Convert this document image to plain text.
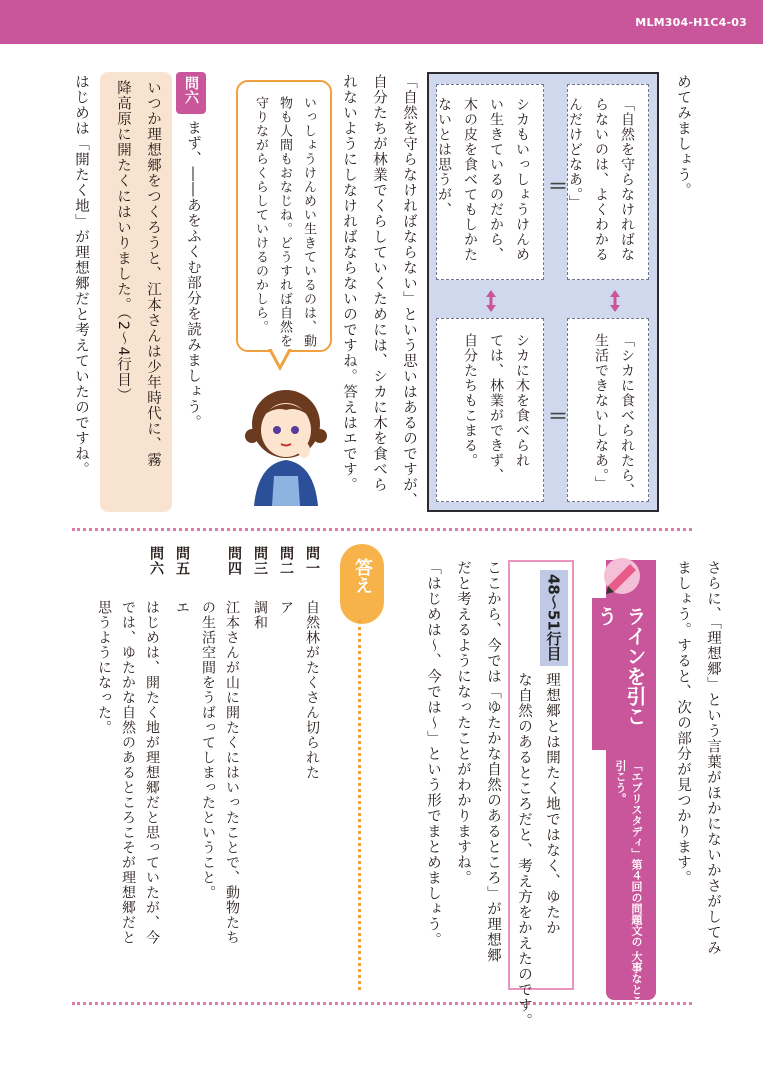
MLM304-H1C4-03
めてみましょう。
「自然を守らなければな
らないのは、よくわかる
んだけどなあ。」
「シカに食べられたら、
生活できないしなあ。」
シカもいっしょうけんめ
い生きているのだから、
木の皮を食べてもしかた
ないとは思うが、
シカに木を食べられ
ては、林業ができず、
自分たちもこまる。
＝
＝
「自然を守らなければならない」という思いはあるのですが、
自分たちが林業でくらしていくためには、シカに木を食べら
れないようにしなければならないのですね。答えはエです。
いっしょうけんめい生きているのは、動
物も人間もおなじね。どうすれば自然を
守りながらくらしていけるのかしら。
問六
まず、――あをふくむ部分を読みましょう。
いつか理想郷をつくろうと、江本さんは少年時代に、霧
降高原に開たくにはいりました。（2～4行目）
はじめは「開たく地」が理想郷だと考えていたのですね。
さらに、「理想郷」という言葉がほかにないかさがしてみ
ましょう。すると、次の部分が見つかります。
ラインを引こう
「エブリスタディ」第４回の問題文の 大事なところにラインを引こう。
48〜51行目
理想郷とは開たく地ではなく、ゆたか
な自然のあるところだと、考え方をかえたのです。
ここから、今では「ゆたかな自然のあるところ」が理想郷
だと考えるようになったことがわかりますね。
「はじめは〜、今では〜」という形でまとめましょう。
答え
問一
自然林がたくさん切られた
問二
ア
問三
調和
問四
江本さんが山に開たくにはいったことで、動物たち
の生活空間をうばってしまったということ。
問五
エ
問六
はじめは、開たく地が理想郷だと思っていたが、今
では、ゆたかな自然のあるところこそが理想郷だと
思うようになった。
